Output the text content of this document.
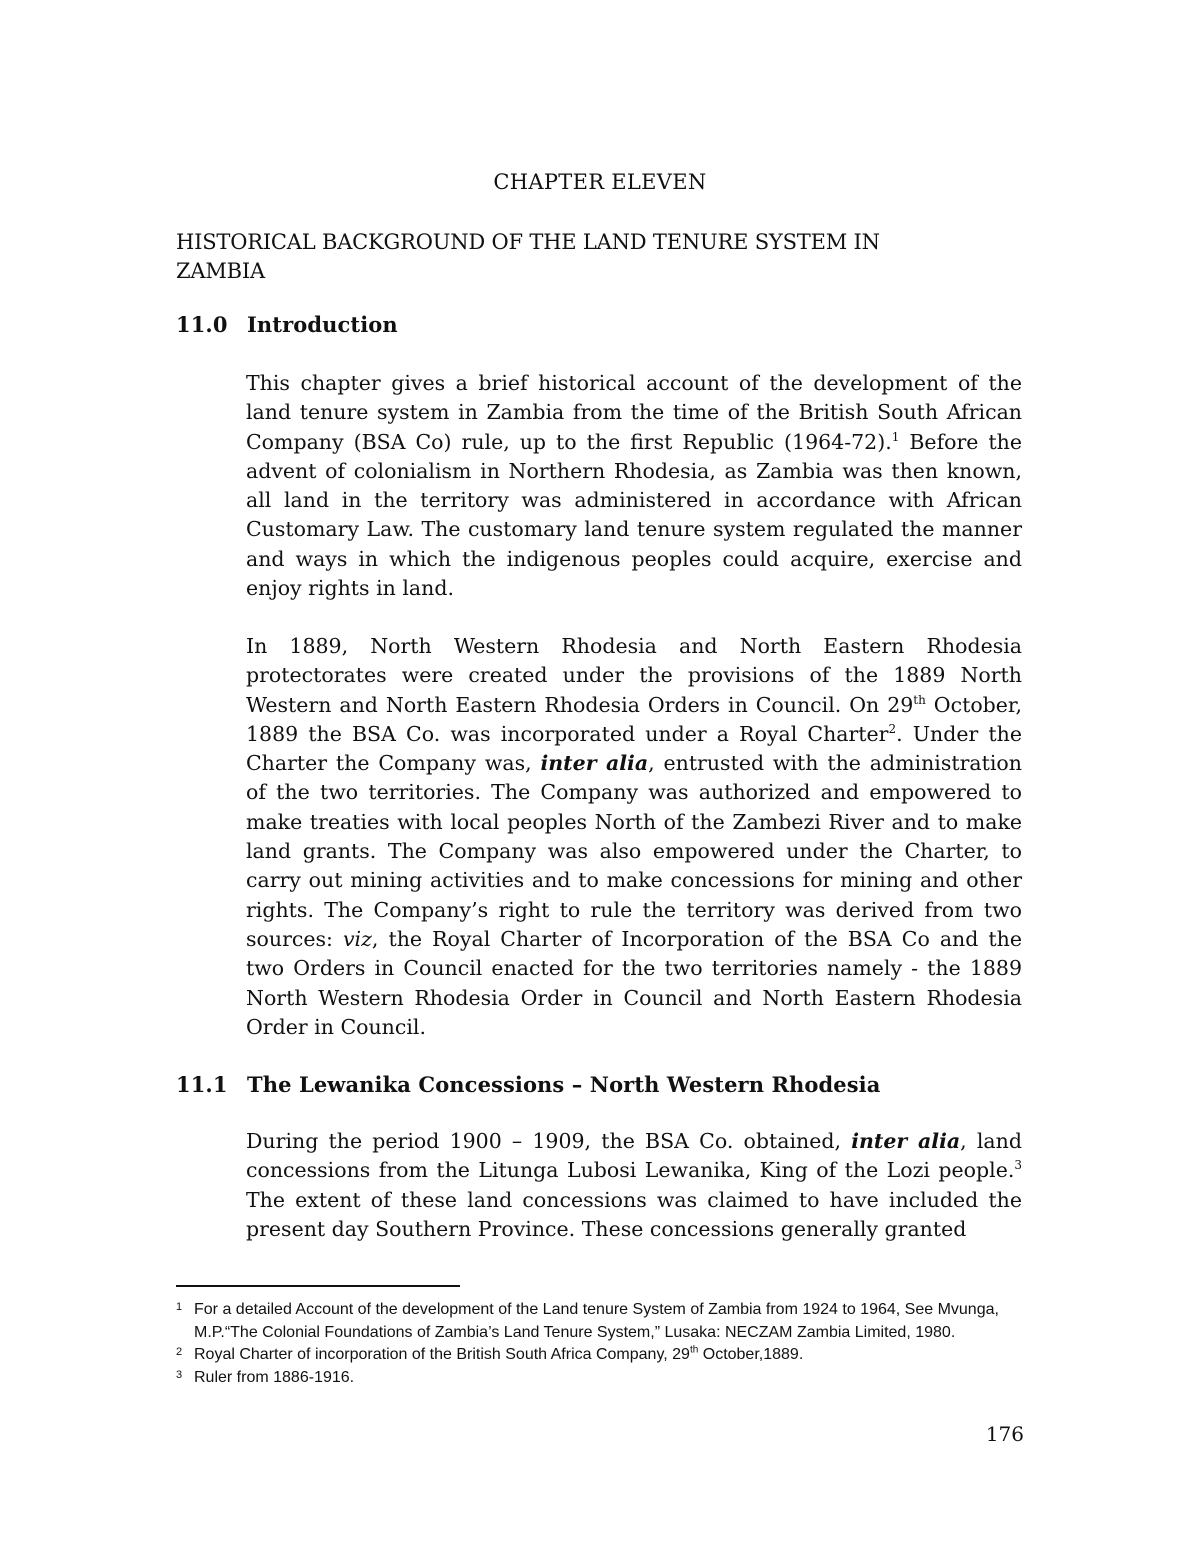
CHAPTER ELEVEN
HISTORICAL BACKGROUND OF THE LAND TENURE SYSTEM IN
ZAMBIA
11.0 Introduction

This chapter gives a brief historical account of the development of the land tenure system in Zambia from the time of the British South African Company (BSA Co) rule, up to the first Republic (1964-72).$^1$ Before the advent of colonialism in Northern Rhodesia, as Zambia was then known, all land in the territory was administered in accordance with African Customary Law. The customary land tenure system regulated the manner and ways in which the indigenous peoples could acquire, exercise and enjoy rights in land.

In 1889, North Western Rhodesia and North Eastern Rhodesia protectorates were created under the provisions of the 1889 North Western and North Eastern Rhodesia Orders in Council. On 29th October, 1889 the BSA Co. was incorporated under a Royal Charter$^2$. Under the Charter the Company was, inter alia, entrusted with the administration of the two territories. The Company was authorized and empowered to make treaties with local peoples North of the Zambezi River and to make land grants. The Company was also empowered under the Charter, to carry out mining activities and to make concessions for mining and other rights. The Company’s right to rule the territory was derived from two sources: viz, the Royal Charter of Incorporation of the BSA Co and the two Orders in Council enacted for the two territories namely - the 1889 North Western Rhodesia Order in Council and North Eastern Rhodesia Order in Council.

11.1 The Lewanika Concessions – North Western Rhodesia

During the period 1900 – 1909, the BSA Co. obtained, inter alia, land concessions from the Litunga Lubosi Lewanika, King of the Lozi people.$^3$ The extent of these land concessions was claimed to have included the present day Southern Province. These concessions generally granted

1 For a detailed Account of the development of the Land tenure System of Zambia from 1924 to 1964, See Mvunga, M.P.“The Colonial Foundations of Zambia’s Land Tenure System,” Lusaka: NECZAM Zambia Limited, 1980.
2 Royal Charter of incorporation of the British South Africa Company, 29th October,1889.
3 Ruler from 1886-1916.
176
